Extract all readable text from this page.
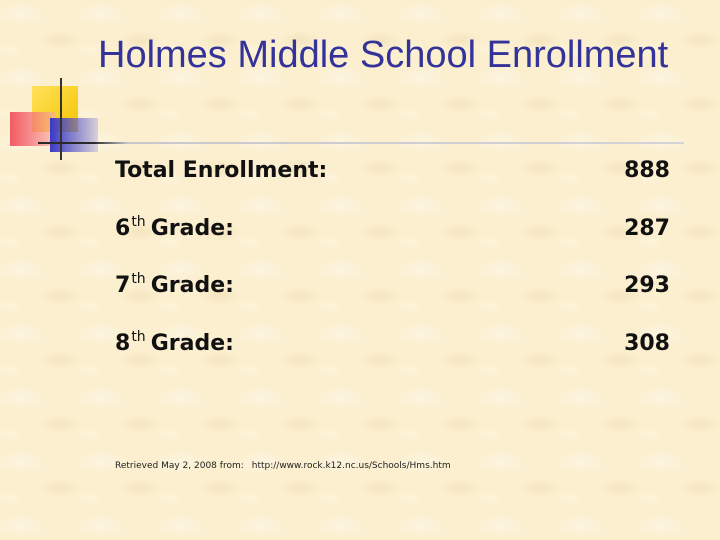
Holmes Middle School Enrollment
Total Enrollment:	888
6th Grade:	287
7th Grade:	293
8th Grade:	308
Retrieved May 2, 2008 from: http://www.rock.k12.nc.us/Schools/Hms.htm
